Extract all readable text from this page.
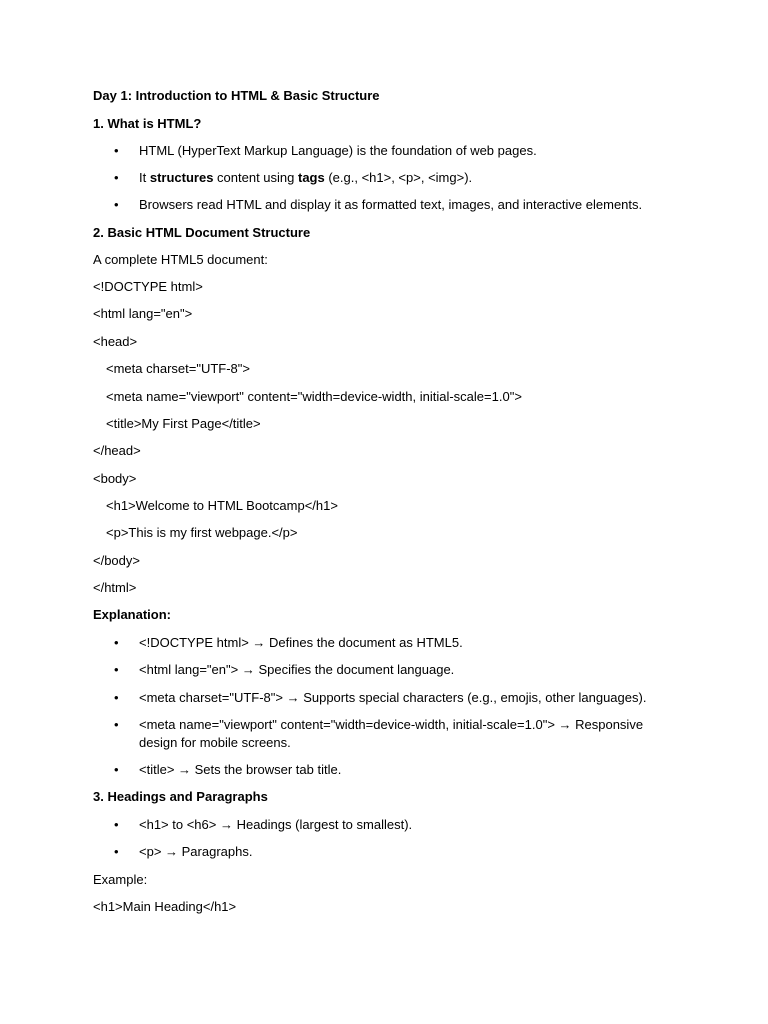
Day 1: Introduction to HTML & Basic Structure
1. What is HTML?
• HTML (HyperText Markup Language) is the foundation of web pages.
• It structures content using tags (e.g., <h1>, <p>, <img>).
• Browsers read HTML and display it as formatted text, images, and interactive elements.
2. Basic HTML Document Structure
A complete HTML5 document:
<!DOCTYPE html>
<html lang="en">
<head>
<meta charset="UTF-8">
<meta name="viewport" content="width=device-width, initial-scale=1.0">
<title>My First Page</title>
</head>
<body>
<h1>Welcome to HTML Bootcamp</h1>
<p>This is my first webpage.</p>
</body>
</html>
Explanation:
• <!DOCTYPE html> → Defines the document as HTML5.
• <html lang="en"> → Specifies the document language.
• <meta charset="UTF-8"> → Supports special characters (e.g., emojis, other languages).
• <meta name="viewport" content="width=device-width, initial-scale=1.0"> → Responsive design for mobile screens.
• <title> → Sets the browser tab title.
3. Headings and Paragraphs
• <h1> to <h6> → Headings (largest to smallest).
• <p> → Paragraphs.
Example:
<h1>Main Heading</h1>
